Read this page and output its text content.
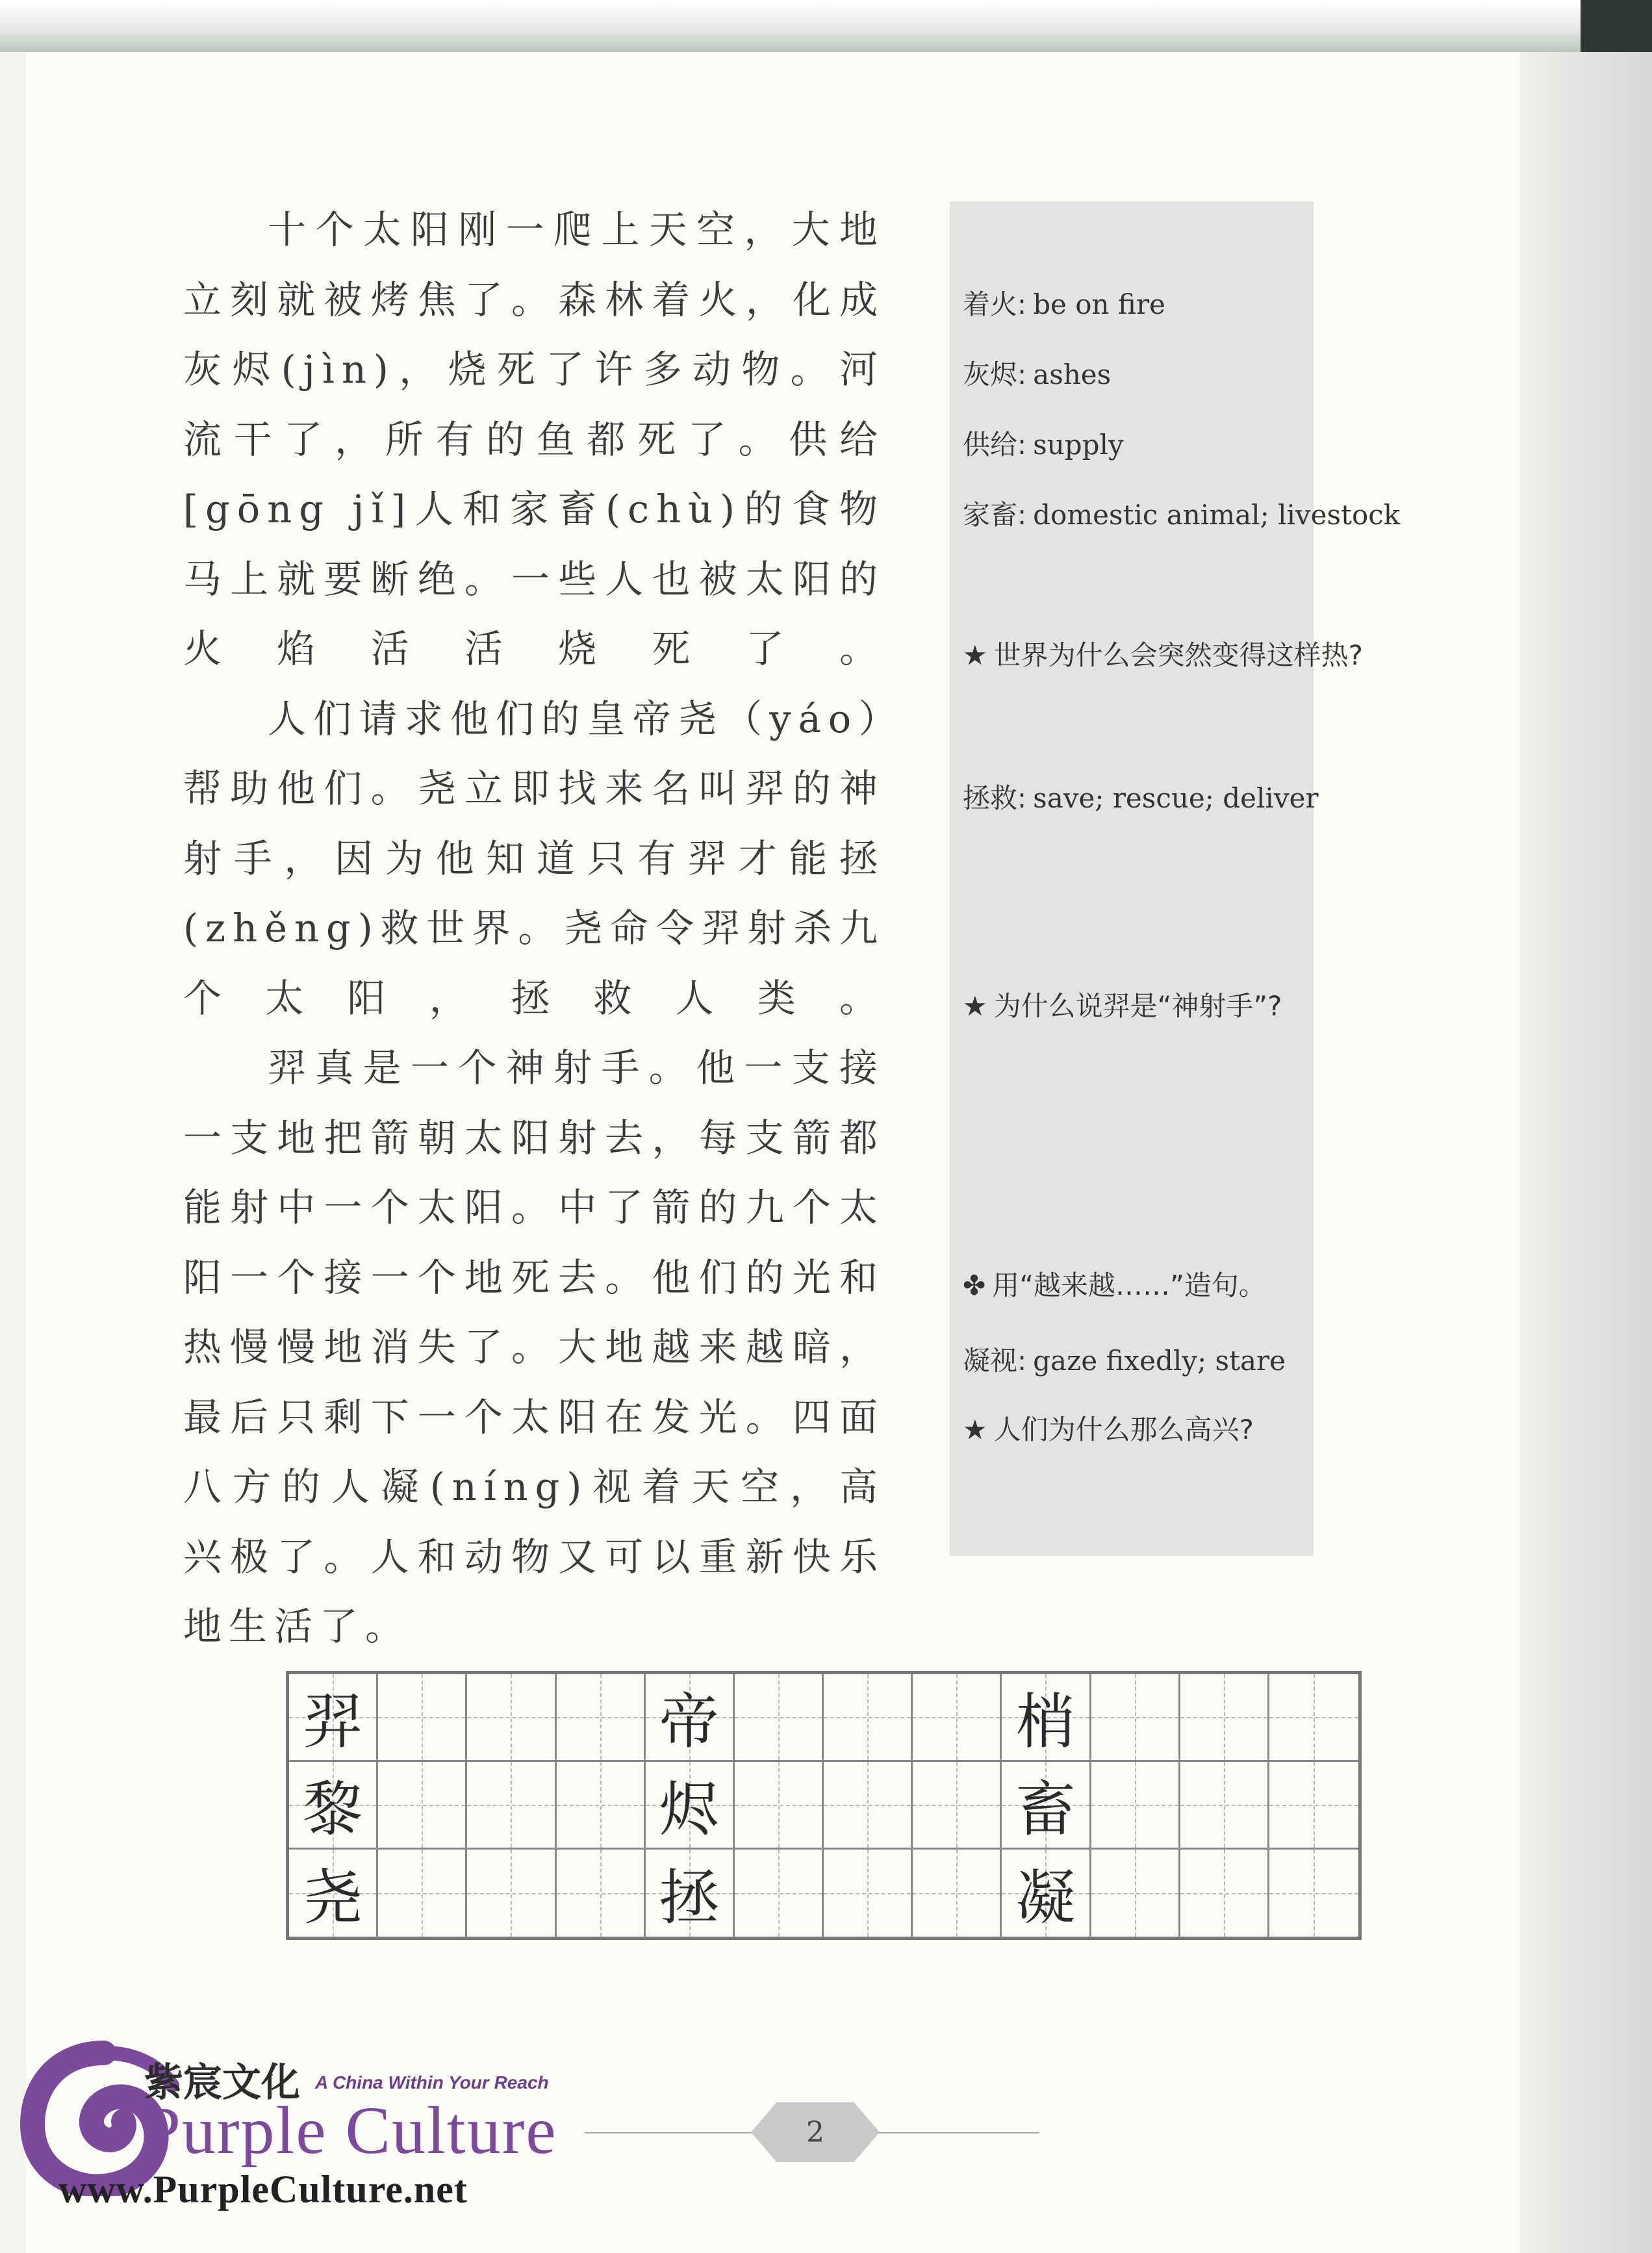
十个太阳刚一爬上天空，大地立刻就被烤焦了。森林着火，化成灰烬(jìn)，烧死了许多动物。河流干了，所有的鱼都死了。供给[gōng jǐ]人和家畜(chù)的食物马上就要断绝。一些人也被太阳的火焰活活烧死了。

人们请求他们的皇帝尧（yáo）帮助他们。尧立即找来名叫羿的神射手，因为他知道只有羿才能拯(zhěng)救世界。尧命令羿射杀九个太阳，拯救人类。

羿真是一个神射手。他一支接一支地把箭朝太阳射去，每支箭都能射中一个太阳。中了箭的九个太阳一个接一个地死去。他们的光和热慢慢地消失了。大地越来越暗，最后只剩下一个太阳在发光。四面八方的人凝(níng)视着天空，高兴极了。人和动物又可以重新快乐地生活了。

着火: be on fire
灰烬: ashes
供给: supply
家畜: domestic animal; livestock
★ 世界为什么会突然变得这样热?
拯救: save; rescue; deliver
★ 为什么说羿是“神射手”?
✤ 用“越来越……”造句。
凝视: gaze fixedly; stare
★ 人们为什么那么高兴?
羿	帝	梢
黎	烬	畜
尧	拯	凝
2
紫宸文化 A China Within Your Reach
Purple Culture
www.PurpleCulture.net
